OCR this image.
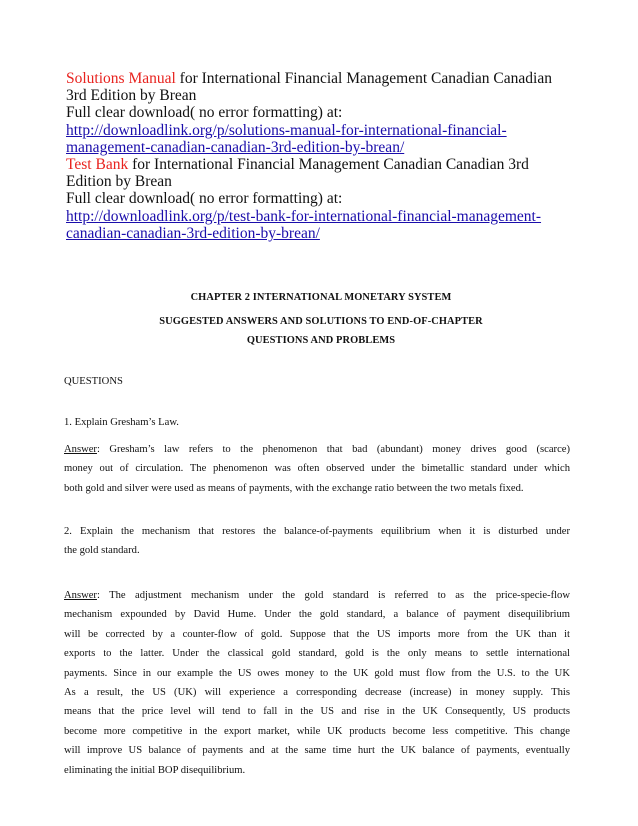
Solutions Manual for International Financial Management Canadian Canadian
3rd Edition by Brean
Full clear download( no error formatting) at:
http://downloadlink.org/p/solutions-manual-for-international-financial-
management-canadian-canadian-3rd-edition-by-brean/
Test Bank for International Financial Management Canadian Canadian 3rd
Edition by Brean
Full clear download( no error formatting) at:
http://downloadlink.org/p/test-bank-for-international-financial-management-
canadian-canadian-3rd-edition-by-brean/
CHAPTER 2 INTERNATIONAL MONETARY SYSTEM
SUGGESTED ANSWERS AND SOLUTIONS TO END-OF-CHAPTER
QUESTIONS AND PROBLEMS
QUESTIONS
1. Explain Gresham’s Law.
Answer: Gresham’s law refers to the phenomenon that bad (abundant) money drives good (scarce)
money out of circulation. The phenomenon was often observed under the bimetallic standard under which
both gold and silver were used as means of payments, with the exchange ratio between the two metals fixed.
2. Explain the mechanism that restores the balance-of-payments equilibrium when it is disturbed under
the gold standard.
Answer: The adjustment mechanism under the gold standard is referred to as the price-specie-flow
mechanism expounded by David Hume. Under the gold standard, a balance of payment disequilibrium
will be corrected by a counter-flow of gold. Suppose that the US imports more from the UK than it
exports to the latter. Under the classical gold standard, gold is the only means to settle international
payments. Since in our example the US owes money to the UK gold must flow from the U.S. to the UK
As a result, the US (UK) will experience a corresponding decrease (increase) in money supply. This
means that the price level will tend to fall in the US and rise in the UK Consequently, US products
become more competitive in the export market, while UK products become less competitive. This change
will improve US balance of payments and at the same time hurt the UK balance of payments, eventually
eliminating the initial BOP disequilibrium.
